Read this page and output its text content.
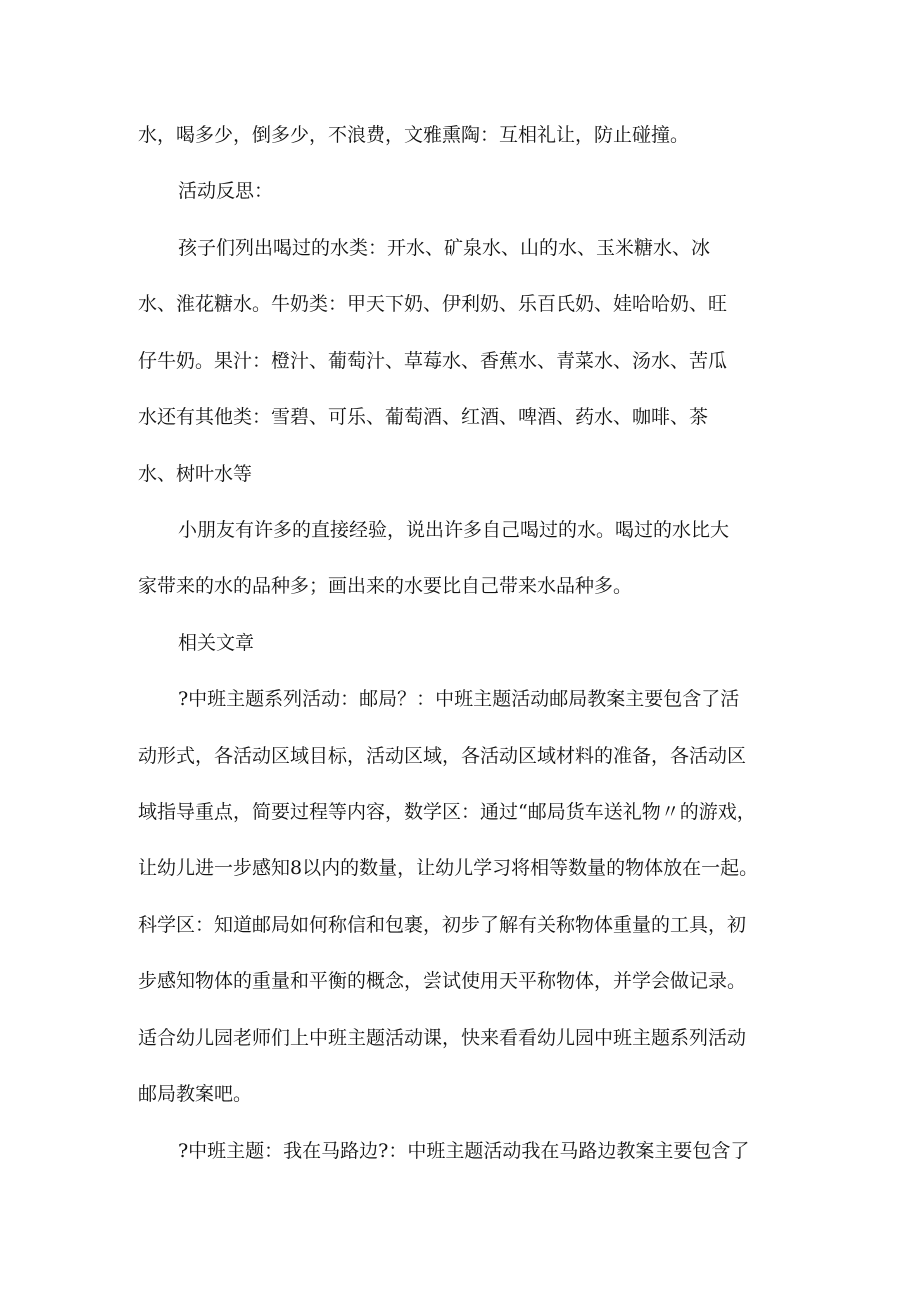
水，喝多少，倒多少，不浪费，文雅熏陶：互相礼让，防止碰撞。
活动反思：
孩子们列出喝过的水类：开水、矿泉水、山的水、玉米糖水、冰
水、淮花糖水。牛奶类：甲天下奶、伊利奶、乐百氏奶、娃哈哈奶、旺
仔牛奶。果汁：橙汁、葡萄汁、草莓水、香蕉水、青菜水、汤水、苦瓜
水还有其他类：雪碧、可乐、葡萄酒、红酒、啤酒、药水、咖啡、茶
水、树叶水等
小朋友有许多的直接经验，说出许多自己喝过的水。喝过的水比大
家带来的水的品种多；画出来的水要比自己带来水品种多。
相关文章
?中班主题系列活动：邮局？：中班主题活动邮局教案主要包含了活
动形式，各活动区域目标，活动区域，各活动区域材料的准备，各活动区
域指导重点，简要过程等内容，数学区：通过“邮局货车送礼物〃的游戏，
让幼儿进一步感知8以内的数量，让幼儿学习将相等数量的物体放在一起。
科学区：知道邮局如何称信和包裹，初步了解有关称物体重量的工具，初
步感知物体的重量和平衡的概念，尝试使用天平称物体，并学会做记录。
适合幼儿园老师们上中班主题活动课，快来看看幼儿园中班主题系列活动
邮局教案吧。
?中班主题：我在马路边?：中班主题活动我在马路边教案主要包含了
